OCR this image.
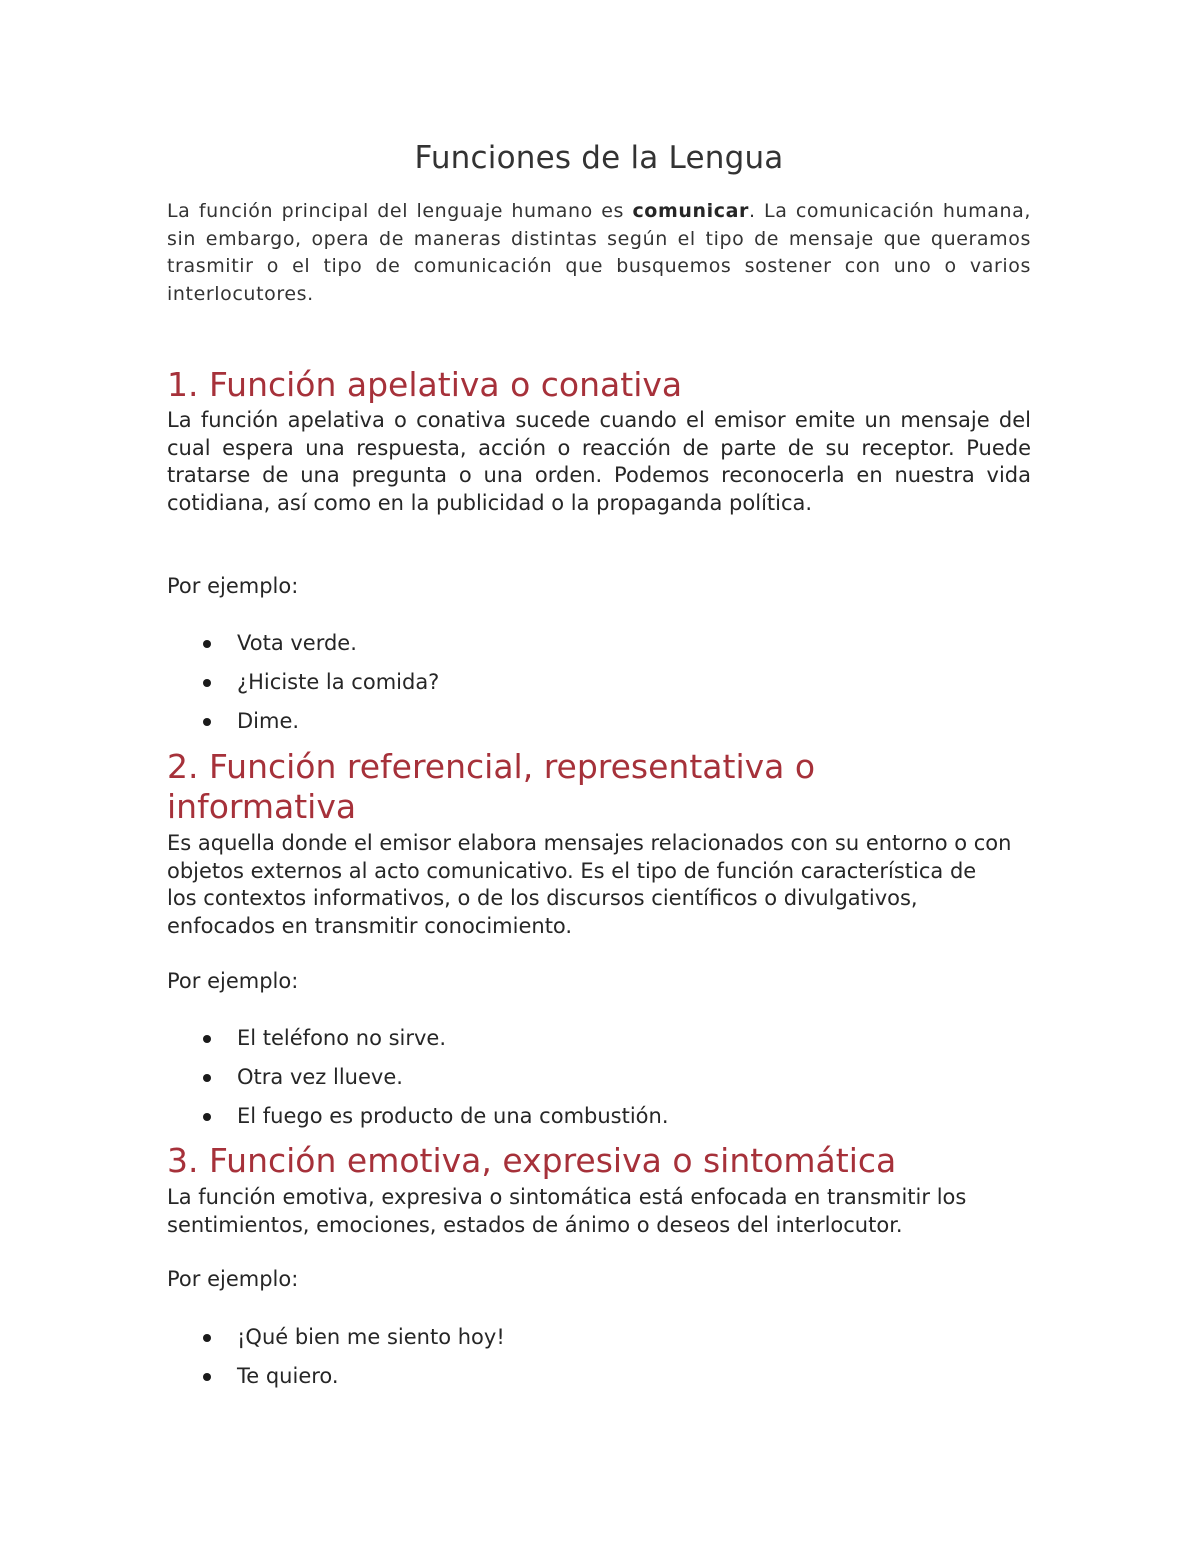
Funciones de la Lengua

La función principal del lenguaje humano es comunicar. La comunicación humana, sin embargo, opera de maneras distintas según el tipo de mensaje que queramos trasmitir o el tipo de comunicación que busquemos sostener con uno o varios interlocutores.

1. Función apelativa o conativa

La función apelativa o conativa sucede cuando el emisor emite un mensaje del cual espera una respuesta, acción o reacción de parte de su receptor. Puede tratarse de una pregunta o una orden. Podemos reconocerla en nuestra vida cotidiana, así como en la publicidad o la propaganda política.

Por ejemplo:

Vota verde.
¿Hiciste la comida?
Dime.
2. Función referencial, representativa o informativa

Es aquella donde el emisor elabora mensajes relacionados con su entorno o con objetos externos al acto comunicativo. Es el tipo de función característica de los contextos informativos, o de los discursos científicos o divulgativos, enfocados en transmitir conocimiento.

Por ejemplo:

El teléfono no sirve.
Otra vez llueve.
El fuego es producto de una combustión.
3. Función emotiva, expresiva o sintomática

La función emotiva, expresiva o sintomática está enfocada en transmitir los sentimientos, emociones, estados de ánimo o deseos del interlocutor.

Por ejemplo:

¡Qué bien me siento hoy!
Te quiero.
